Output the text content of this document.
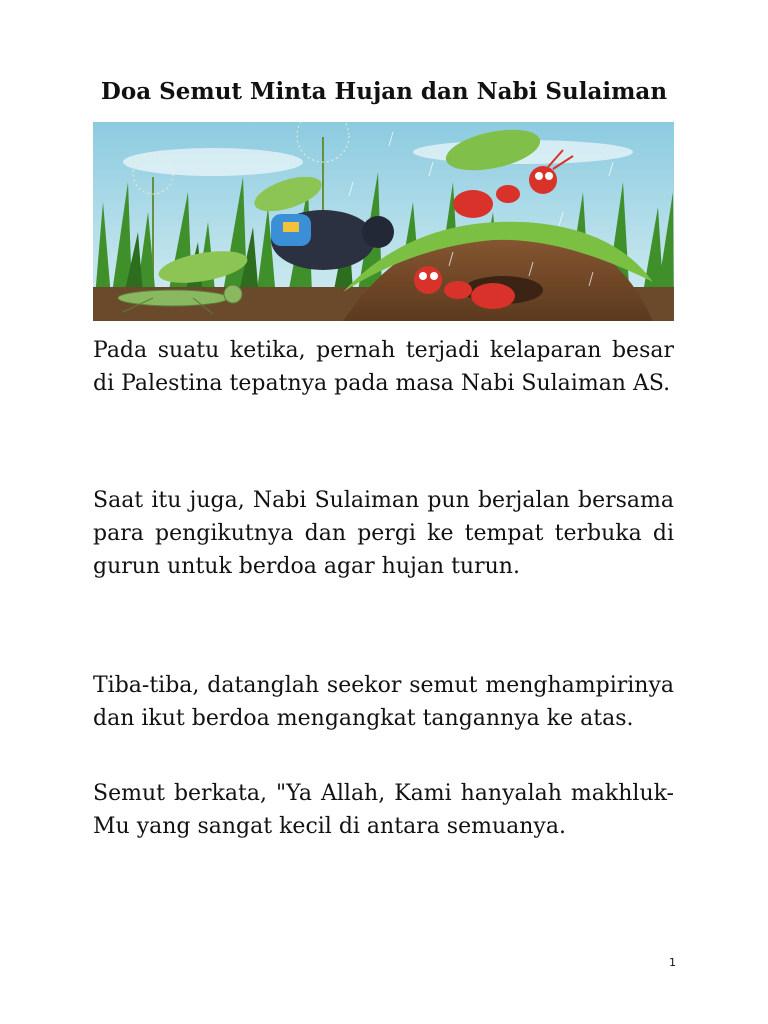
Doa Semut Minta Hujan dan Nabi Sulaiman

Pada suatu ketika, pernah terjadi kelaparan besar di Palestina tepatnya pada masa Nabi Sulaiman AS.

Saat itu juga, Nabi Sulaiman pun berjalan bersama para pengikutnya dan pergi ke tempat terbuka di gurun untuk berdoa agar hujan turun.

Tiba-tiba, datanglah seekor semut menghampirinya dan ikut berdoa mengangkat tangannya ke atas.

Semut berkata, "Ya Allah, Kami hanyalah makhluk-Mu yang sangat kecil di antara semuanya.

1
